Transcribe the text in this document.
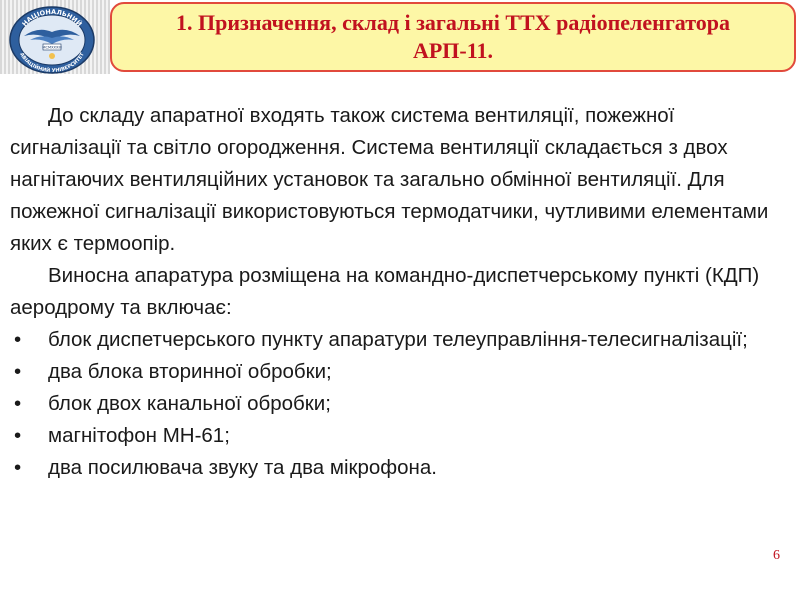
НАЦІОНАЛЬНИЙ
АВІАЦІЙНИЙ УНІВЕРСИТЕТ
MCMXXXIII
1. Призначення, склад і загальні ТТХ радіопеленгатора
АРП-11.

До складу апаратної входять також система вентиляції, пожежної сигналізації та світло огородження. Система вентиляції складається з двох нагнітаючих вентиляційних установок та загально обмінної вентиляції. Для пожежної сигналізації використовуються термодатчики, чутливими елементами яких є термоопір.

Виносна апаратура розміщена на командно-диспетчерському пункті (КДП) аеродрому та включає:

• блок диспетчерського пункту апаратури телеуправління-телесигналізації;
• два блока вторинної обробки;
• блок двох канальної обробки;
• магнітофон МН-61;
• два посилювача звуку та два мікрофона.
6
